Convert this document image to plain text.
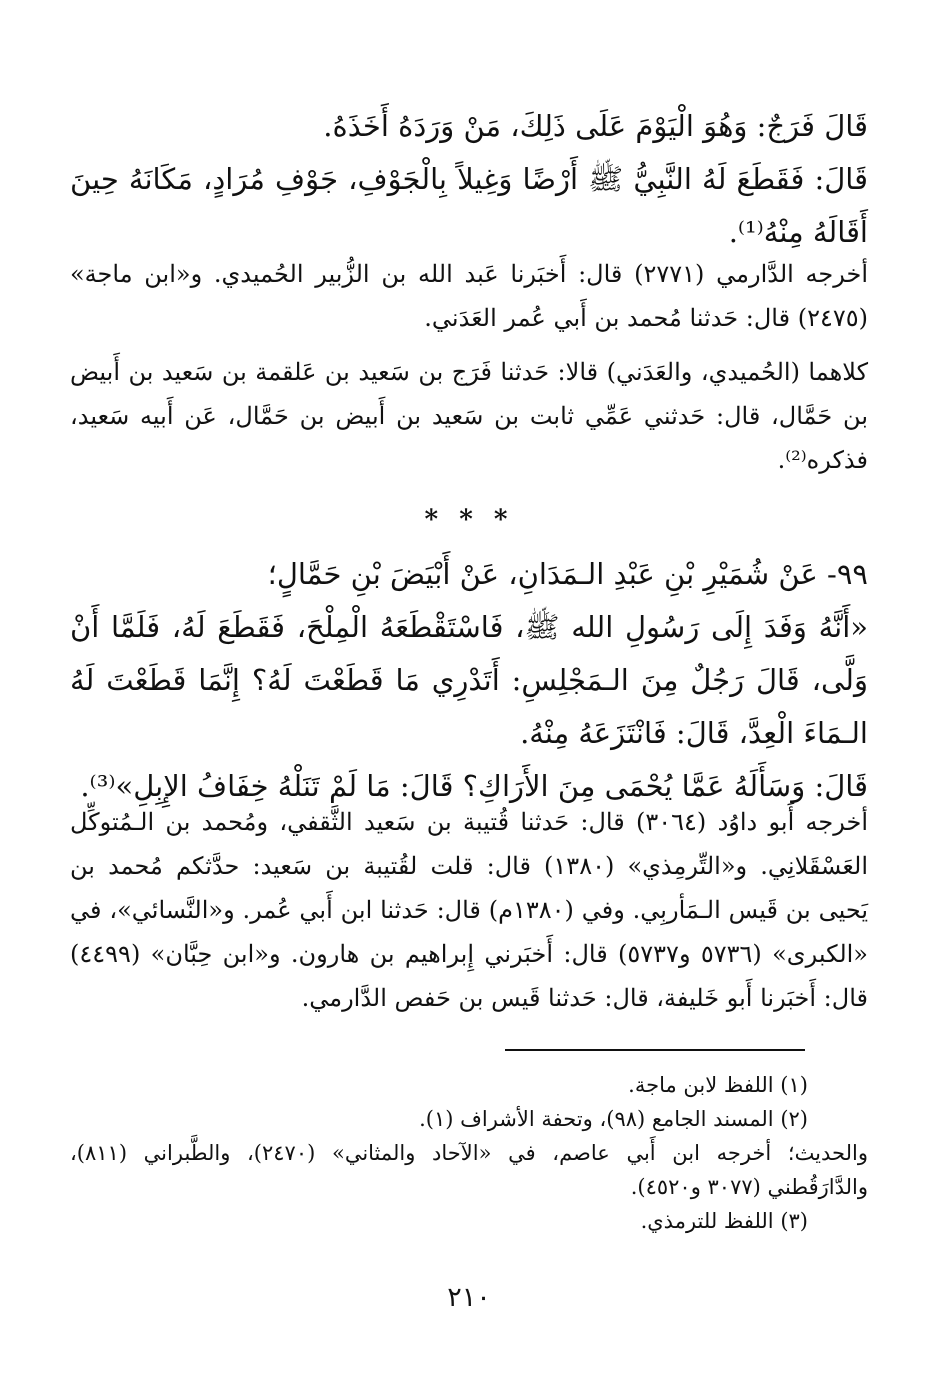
قَالَ فَرَجٌ: وَهُوَ الْيَوْمَ عَلَى ذَلِكَ، مَنْ وَرَدَهُ أَخَذَهُ.

قَالَ: فَقَطَعَ لَهُ النَّبِيُّ ﷺ أَرْضًا وَغِيلاً بِالْجَوْفِ، جَوْفِ مُرَادٍ، مَكَانَهُ حِينَ أَقَالَهُ مِنْهُ⁽¹⁾.

أخرجه الدَّارمي (٢٧٧١) قال: أَخبَرنا عَبد الله بن الزُّبير الحُميدي. و«ابن ماجة» (٢٤٧٥) قال: حَدثنا مُحمد بن أَبي عُمر العَدَني.

كلاهما (الحُميدي، والعَدَني) قالا: حَدثنا فَرَج بن سَعيد بن عَلقمة بن سَعيد بن أَبيض بن حَمَّال، قال: حَدثني عَمِّي ثابت بن سَعيد بن أَبيض بن حَمَّال، عَن أَبيه سَعيد، فذكره⁽²⁾.

* * *

٩٩- عَنْ شُمَيْرِ بْنِ عَبْدِ الـمَدَانِ، عَنْ أَبْيَضَ بْنِ حَمَّالٍ؛

«أَنَّهُ وَفَدَ إِلَى رَسُولِ الله ﷺ، فَاسْتَقْطَعَهُ الْمِلْحَ، فَقَطَعَ لَهُ، فَلَمَّا أَنْ وَلَّى، قَالَ رَجُلٌ مِنَ الـمَجْلِسِ: أَتَدْرِي مَا قَطَعْتَ لَهُ؟ إِنَّمَا قَطَعْتَ لَهُ الـمَاءَ الْعِدَّ، قَالَ: فَانْتَزَعَهُ مِنْهُ.

قَالَ: وَسَأَلَهُ عَمَّا يُحْمَى مِنَ الأَرَاكِ؟ قَالَ: مَا لَمْ تَنَلْهُ خِفَافُ الإِبِلِ»⁽³⁾.

أخرجه أَبو داوُد (٣٠٦٤) قال: حَدثنا قُتيبة بن سَعيد الثَّقفي، ومُحمد بن الـمُتوكِّل العَسْقَلانِي. و«التِّرمِذي» (١٣٨٠) قال: قلت لقُتيبة بن سَعيد: حدَّثكم مُحمد بن يَحيى بن قَيس الـمَأربِي. وفي (١٣٨٠م) قال: حَدثنا ابن أَبي عُمر. و«النَّسائي»، في «الكبرى» (٥٧٣٦ و٥٧٣٧) قال: أَخبَرني إِبراهيم بن هارون. و«ابن حِبَّان» (٤٤٩٩) قال: أَخبَرنا أَبو خَليفة، قال: حَدثنا قَيس بن حَفص الدَّارمي.

(١) اللفظ لابن ماجة.

(٢) المسند الجامع (٩٨)، وتحفة الأشراف (١).

والحديث؛ أخرجه ابن أَبي عاصم، في «الآحاد والمثاني» (٢٤٧٠)، والطَّبراني (٨١١)، والدَّارَقُطني (٣٠٧٧ و٤٥٢٠).

(٣) اللفظ للترمذي.

٢١٠
